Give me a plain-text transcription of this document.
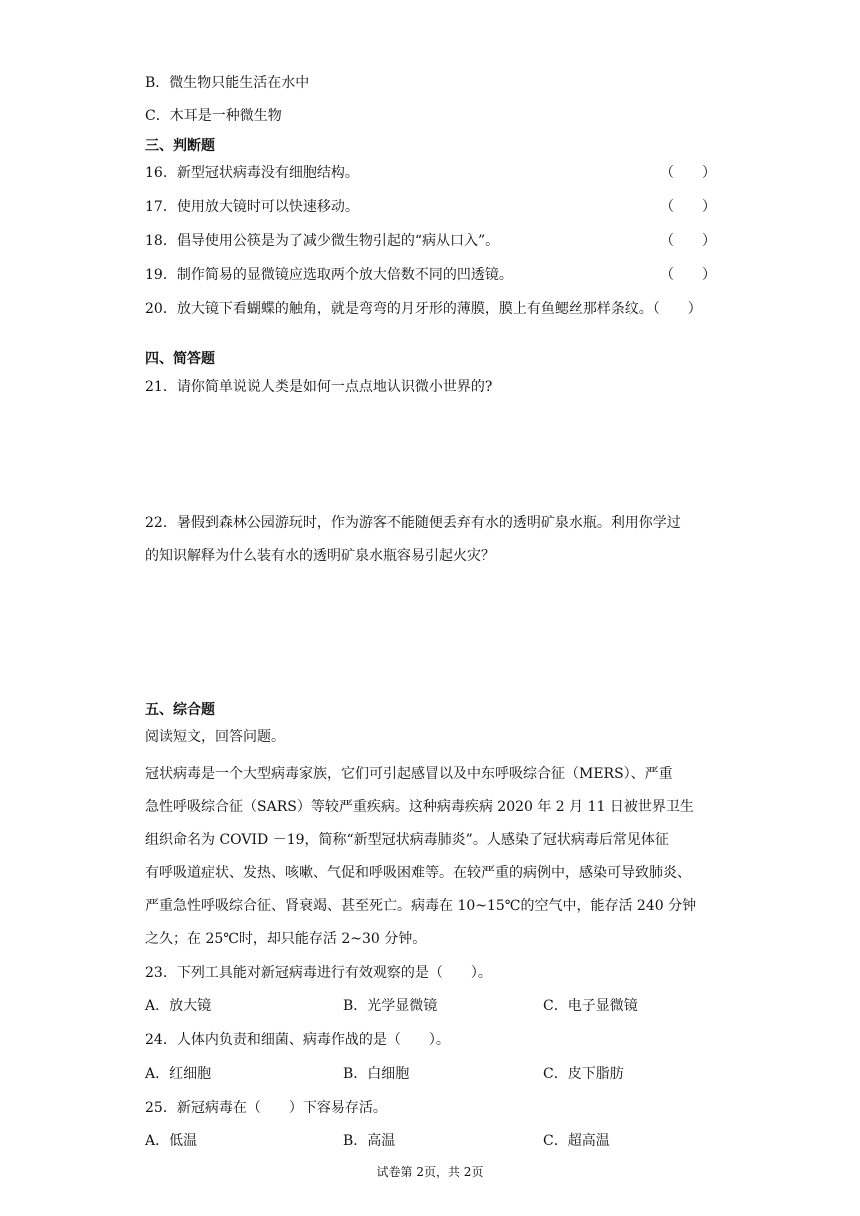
B．微生物只能生活在水中
C．木耳是一种微生物
三、判断题
16．新型冠状病毒没有细胞结构。	（　　）
17．使用放大镜时可以快速移动。	（　　）
18．倡导使用公筷是为了减少微生物引起的“病从口入”。	（　　）
19．制作简易的显微镜应选取两个放大倍数不同的凹透镜。	（　　）
20．放大镜下看蝴蝶的触角，就是弯弯的月牙形的薄膜，膜上有鱼鳃丝那样条纹。（　　）
四、简答题
21．请你简单说说人类是如何一点点地认识微小世界的?
22．暑假到森林公园游玩时，作为游客不能随便丢弃有水的透明矿泉水瓶。利用你学过
的知识解释为什么装有水的透明矿泉水瓶容易引起火灾？
五、综合题
阅读短文，回答问题。
冠状病毒是一个大型病毒家族，它们可引起感冒以及中东呼吸综合征（MERS）、严重
急性呼吸综合征（SARS）等较严重疾病。这种病毒疾病 2020 年 2 月 11 日被世界卫生
组织命名为 COVID －19，简称“新型冠状病毒肺炎”。人感染了冠状病毒后常见体征
有呼吸道症状、发热、咳嗽、气促和呼吸困难等。在较严重的病例中，感染可导致肺炎、
严重急性呼吸综合征、肾衰竭、甚至死亡。病毒在 10~15℃的空气中，能存活 240 分钟
之久；在 25℃时，却只能存活 2~30 分钟。
23．下列工具能对新冠病毒进行有效观察的是（　　）。
A．放大镜	B．光学显微镜	C．电子显微镜
24．人体内负责和细菌、病毒作战的是（　　）。
A．红细胞	B．白细胞	C．皮下脂肪
25．新冠病毒在（　　）下容易存活。
A．低温	B．高温	C．超高温
试卷第 2页，共 2页
